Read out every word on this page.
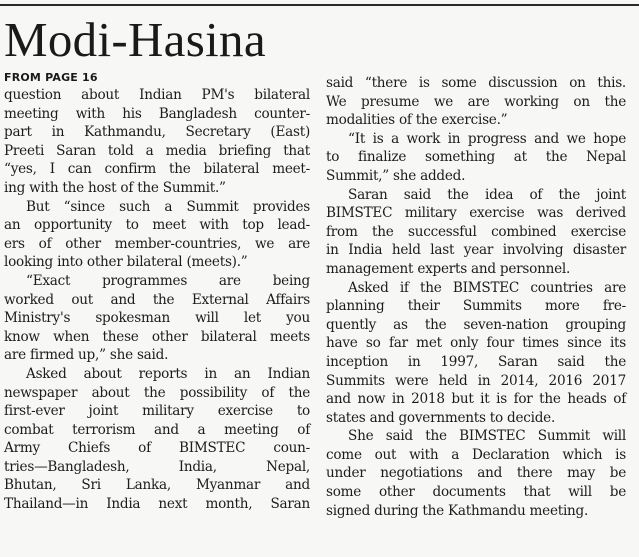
Modi-Hasina
FROM PAGE 16
question about Indian PM's bilateral
meeting with his Bangladesh counter-
part in Kathmandu, Secretary (East)
Preeti Saran told a media briefing that
“yes, I can confirm the bilateral meet-
ing with the host of the Summit.”
But “since such a Summit provides
an opportunity to meet with top lead-
ers of other member-countries, we are
looking into other bilateral (meets).”
“Exact programmes are being
worked out and the External Affairs
Ministry's spokesman will let you
know when these other bilateral meets
are firmed up,” she said.
Asked about reports in an Indian
newspaper about the possibility of the
first-ever joint military exercise to
combat terrorism and a meeting of
Army Chiefs of BIMSTEC coun-
tries—Bangladesh, India, Nepal,
Bhutan, Sri Lanka, Myanmar and
Thailand—in India next month, Saran
said “there is some discussion on this.
We presume we are working on the
modalities of the exercise.”
“It is a work in progress and we hope
to finalize something at the Nepal
Summit,” she added.
Saran said the idea of the joint
BIMSTEC military exercise was derived
from the successful combined exercise
in India held last year involving disaster
management experts and personnel.
Asked if the BIMSTEC countries are
planning their Summits more fre-
quently as the seven-nation grouping
have so far met only four times since its
inception in 1997, Saran said the
Summits were held in 2014, 2016 2017
and now in 2018 but it is for the heads of
states and governments to decide.
She said the BIMSTEC Summit will
come out with a Declaration which is
under negotiations and there may be
some other documents that will be
signed during the Kathmandu meeting.
